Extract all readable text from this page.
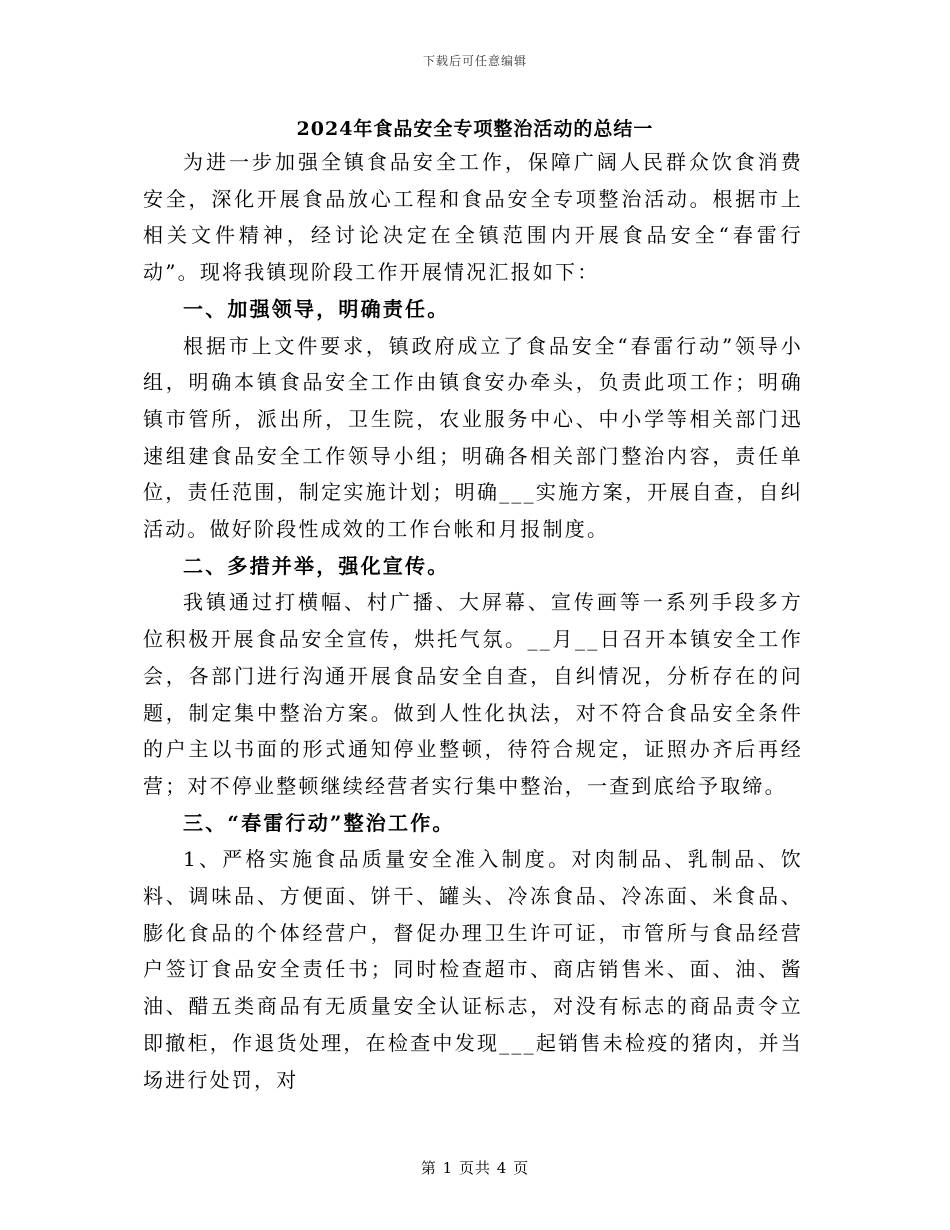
下载后可任意编辑
2024年食品安全专项整治活动的总结一

为进一步加强全镇食品安全工作，保障广阔人民群众饮食消费安全，深化开展食品放心工程和食品安全专项整治活动。根据市上相关文件精神，经讨论决定在全镇范围内开展食品安全“春雷行动”。现将我镇现阶段工作开展情况汇报如下：

一、加强领导，明确责任。

根据市上文件要求，镇政府成立了食品安全“春雷行动”领导小组，明确本镇食品安全工作由镇食安办牵头，负责此项工作；明确镇市管所，派出所，卫生院，农业服务中心、中小学等相关部门迅速组建食品安全工作领导小组；明确各相关部门整治内容，责任单位，责任范围，制定实施计划；明确___实施方案，开展自查，自纠活动。做好阶段性成效的工作台帐和月报制度。

二、多措并举，强化宣传。

我镇通过打横幅、村广播、大屏幕、宣传画等一系列手段多方位积极开展食品安全宣传，烘托气氛。__月__日召开本镇安全工作会，各部门进行沟通开展食品安全自查，自纠情况，分析存在的问题，制定集中整治方案。做到人性化执法，对不符合食品安全条件的户主以书面的形式通知停业整顿，待符合规定，证照办齐后再经营；对不停业整顿继续经营者实行集中整治，一查到底给予取缔。

三、“春雷行动”整治工作。

1、严格实施食品质量安全准入制度。对肉制品、乳制品、饮料、调味品、方便面、饼干、罐头、冷冻食品、冷冻面、米食品、膨化食品的个体经营户，督促办理卫生许可证，市管所与食品经营户签订食品安全责任书；同时检查超市、商店销售米、面、油、酱油、醋五类商品有无质量安全认证标志，对没有标志的商品责令立即撤柜，作退货处理，在检查中发现___起销售未检疫的猪肉，并当场进行处罚，对

第 1 页共 4 页
